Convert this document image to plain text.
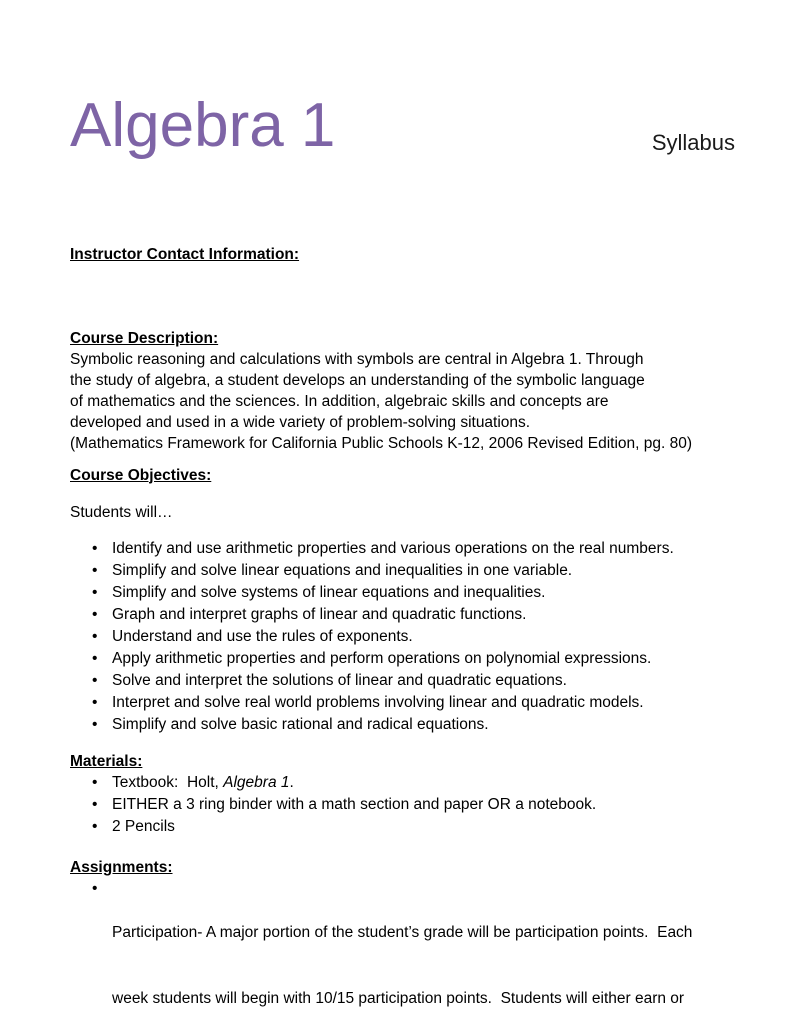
Algebra 1	Syllabus
Instructor Contact Information:
Course Description:
Symbolic reasoning and calculations with symbols are central in Algebra 1. Through
the study of algebra, a student develops an understanding of the symbolic language
of mathematics and the sciences. In addition, algebraic skills and concepts are
developed and used in a wide variety of problem-solving situations.
(Mathematics Framework for California Public Schools K-12, 2006 Revised Edition, pg. 80)
Course Objectives:
Students will…
• Identify and use arithmetic properties and various operations on the real numbers.
• Simplify and solve linear equations and inequalities in one variable.
• Simplify and solve systems of linear equations and inequalities.
• Graph and interpret graphs of linear and quadratic functions.
• Understand and use the rules of exponents.
• Apply arithmetic properties and perform operations on polynomial expressions.
• Solve and interpret the solutions of linear and quadratic equations.
• Interpret and solve real world problems involving linear and quadratic models.
• Simplify and solve basic rational and radical equations.
Materials:
• Textbook:  Holt, Algebra 1.
• EITHER a 3 ring binder with a math section and paper OR a notebook.
• 2 Pencils
Assignments:

• Participation- A major portion of the student’s grade will be participation points.  Each

week students will begin with 10/15 participation points.  Students will either earn or
